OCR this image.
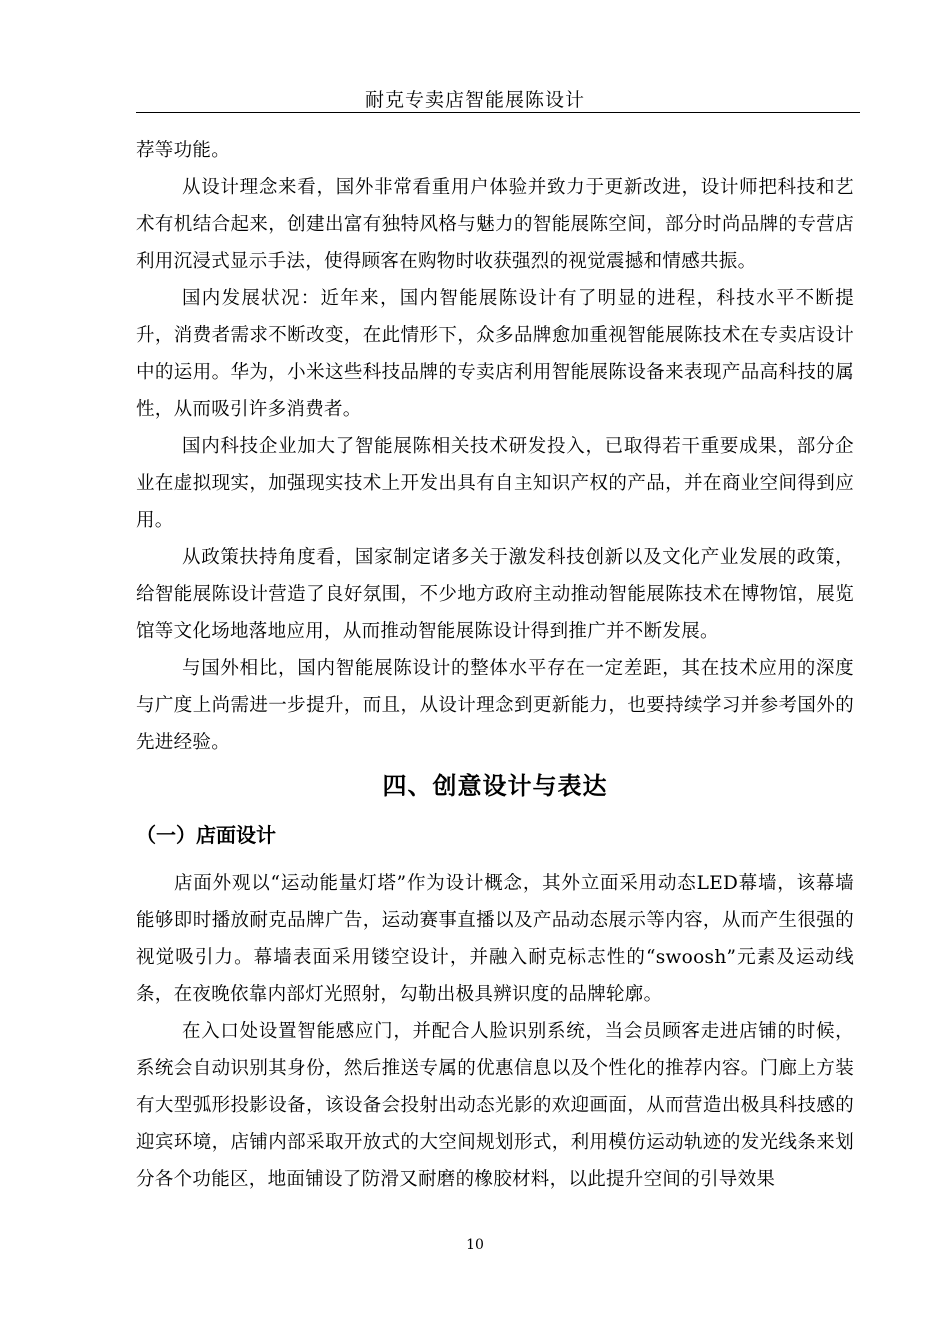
耐克专卖店智能展陈设计

荐等功能。

从设计理念来看，国外非常看重用户体验并致力于更新改进，设计师把科技和艺术有机结合起来，创建出富有独特风格与魅力的智能展陈空间，部分时尚品牌的专营店利用沉浸式显示手法，使得顾客在购物时收获强烈的视觉震撼和情感共振。

国内发展状况：近年来，国内智能展陈设计有了明显的进程，科技水平不断提升，消费者需求不断改变，在此情形下，众多品牌愈加重视智能展陈技术在专卖店设计中的运用。华为，小米这些科技品牌的专卖店利用智能展陈设备来表现产品高科技的属性，从而吸引许多消费者。

国内科技企业加大了智能展陈相关技术研发投入，已取得若干重要成果，部分企业在虚拟现实，加强现实技术上开发出具有自主知识产权的产品，并在商业空间得到应用。

从政策扶持角度看，国家制定诸多关于激发科技创新以及文化产业发展的政策，给智能展陈设计营造了良好氛围，不少地方政府主动推动智能展陈技术在博物馆，展览馆等文化场地落地应用，从而推动智能展陈设计得到推广并不断发展。

与国外相比，国内智能展陈设计的整体水平存在一定差距，其在技术应用的深度与广度上尚需进一步提升，而且，从设计理念到更新能力，也要持续学习并参考国外的先进经验。

四、创意设计与表达
（一）店面设计

店面外观以“运动能量灯塔”作为设计概念，其外立面采用动态LED幕墙，该幕墙能够即时播放耐克品牌广告，运动赛事直播以及产品动态展示等内容，从而产生很强的视觉吸引力。幕墙表面采用镂空设计，并融入耐克标志性的“swoosh”元素及运动线条，在夜晚依靠内部灯光照射，勾勒出极具辨识度的品牌轮廓。

在入口处设置智能感应门，并配合人脸识别系统，当会员顾客走进店铺的时候，系统会自动识别其身份，然后推送专属的优惠信息以及个性化的推荐内容。门廊上方装有大型弧形投影设备，该设备会投射出动态光影的欢迎画面，从而营造出极具科技感的迎宾环境，店铺内部采取开放式的大空间规划形式，利用模仿运动轨迹的发光线条来划分各个功能区，地面铺设了防滑又耐磨的橡胶材料，以此提升空间的引导效果

10
